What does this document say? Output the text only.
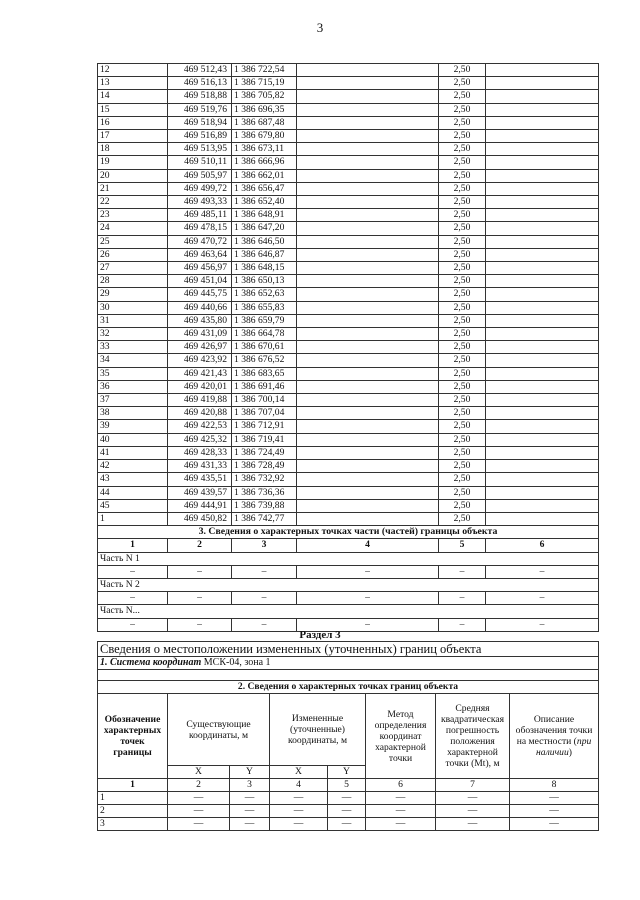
3
12	469 512,43	1 386 722,54		2,50	
13	469 516,13	1 386 715,19		2,50	
14	469 518,88	1 386 705,82		2,50	
15	469 519,76	1 386 696,35		2,50	
16	469 518,94	1 386 687,48		2,50	
17	469 516,89	1 386 679,80		2,50	
18	469 513,95	1 386 673,11		2,50	
19	469 510,11	1 386 666,96		2,50	
20	469 505,97	1 386 662,01		2,50	
21	469 499,72	1 386 656,47		2,50	
22	469 493,33	1 386 652,40		2,50	
23	469 485,11	1 386 648,91		2,50	
24	469 478,15	1 386 647,20		2,50	
25	469 470,72	1 386 646,50		2,50	
26	469 463,64	1 386 646,87		2,50	
27	469 456,97	1 386 648,15		2,50	
28	469 451,04	1 386 650,13		2,50	
29	469 445,75	1 386 652,63		2,50	
30	469 440,66	1 386 655,83		2,50	
31	469 435,80	1 386 659,79		2,50	
32	469 431,09	1 386 664,78		2,50	
33	469 426,97	1 386 670,61		2,50	
34	469 423,92	1 386 676,52		2,50	
35	469 421,43	1 386 683,65		2,50	
36	469 420,01	1 386 691,46		2,50	
37	469 419,88	1 386 700,14		2,50	
38	469 420,88	1 386 707,04		2,50	
39	469 422,53	1 386 712,91		2,50	
40	469 425,32	1 386 719,41		2,50	
41	469 428,33	1 386 724,49		2,50	
42	469 431,33	1 386 728,49		2,50	
43	469 435,51	1 386 732,92		2,50	
44	469 439,57	1 386 736,36		2,50	
45	469 444,91	1 386 739,88		2,50	
1	469 450,82	1 386 742,77		2,50	
3. Сведения о характерных точках части (частей) границы объекта					
1	2	3	4	5	6
Часть N 1					
–	–	–	–	–	–
Часть N 2					
–	–	–	–	–	–
Часть N...					
–	–	–	–	–	–
Раздел 3
Сведения о местоположении измененных (уточненных) границ объекта							
1. Система координат МСК-04, зона 1							

2. Сведения о характерных точках границ объекта							
Обозначение характерных точек границы	Существующие координаты, м		Измененные (уточненные) координаты, м		Метод определения координат характерной точки	Средняя квадратическая погрешность положения характерной точки (Mt), м	Описание обозначения точки на местности (при наличии)
	X	Y	X	Y			
1	2	3	4	5	6	7	8
1	—	—	—	—	—	—	—
2	—	—	—	—	—	—	—
3	—	—	—	—	—	—	—
